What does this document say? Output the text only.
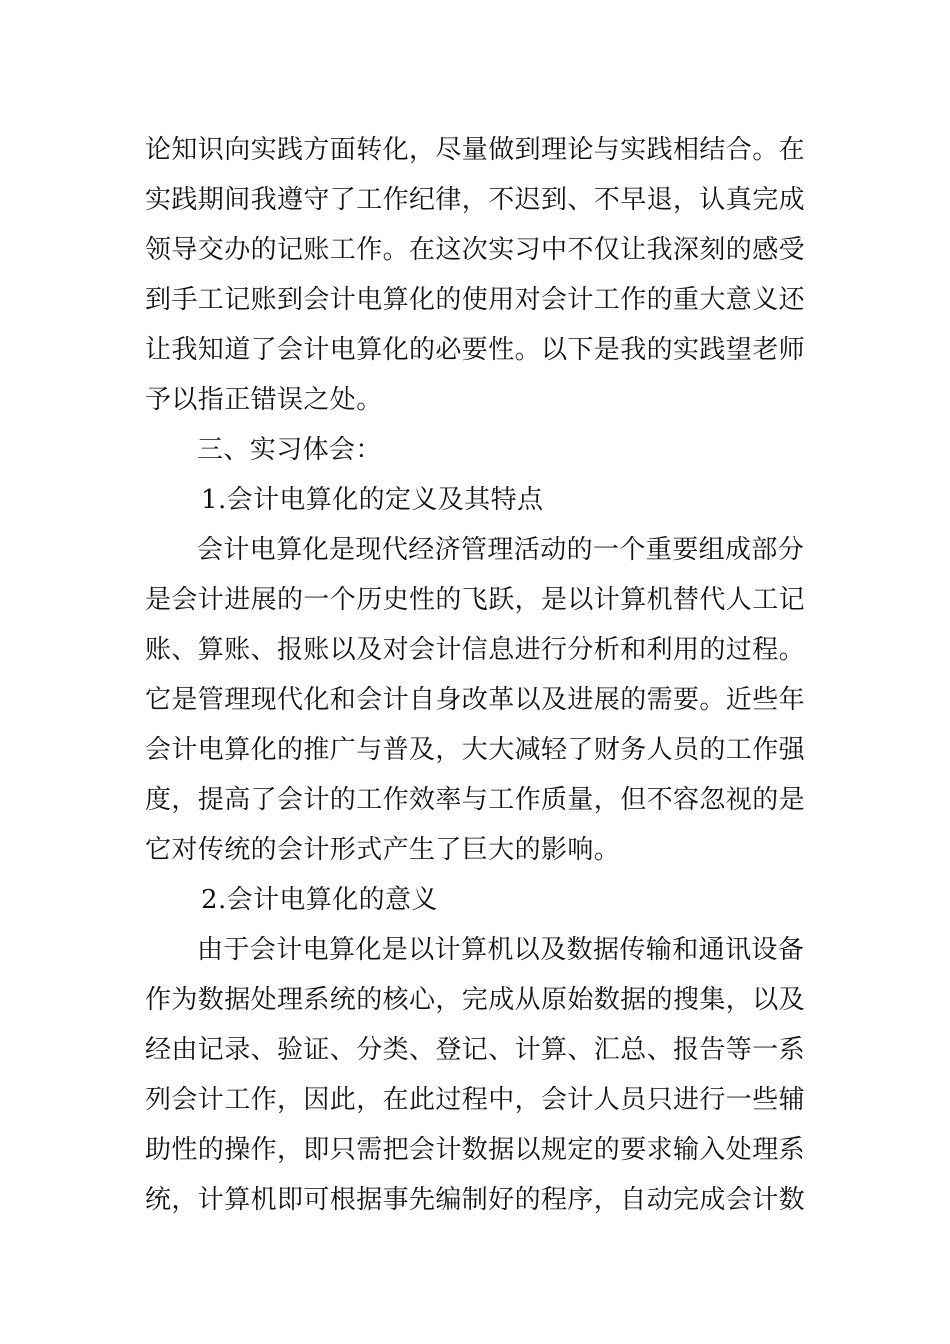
论知识向实践方面转化，尽量做到理论与实践相结合。在
实践期间我遵守了工作纪律，不迟到、不早退，认真完成
领导交办的记账工作。在这次实习中不仅让我深刻的感受
到手工记账到会计电算化的使用对会计工作的重大意义还
让我知道了会计电算化的必要性。以下是我的实践望老师
予以指正错误之处。
三、实习体会：
1.会计电算化的定义及其特点
会计电算化是现代经济管理活动的一个重要组成部分
是会计进展的一个历史性的飞跃，是以计算机替代人工记
账、算账、报账以及对会计信息进行分析和利用的过程。
它是管理现代化和会计自身改革以及进展的需要。近些年
会计电算化的推广与普及，大大减轻了财务人员的工作强
度，提高了会计的工作效率与工作质量，但不容忽视的是
它对传统的会计形式产生了巨大的影响。
2.会计电算化的意义
由于会计电算化是以计算机以及数据传输和通讯设备
作为数据处理系统的核心，完成从原始数据的搜集，以及
经由记录、验证、分类、登记、计算、汇总、报告等一系
列会计工作，因此，在此过程中，会计人员只进行一些辅
助性的操作，即只需把会计数据以规定的要求输入处理系
统，计算机即可根据事先编制好的程序，自动完成会计数
